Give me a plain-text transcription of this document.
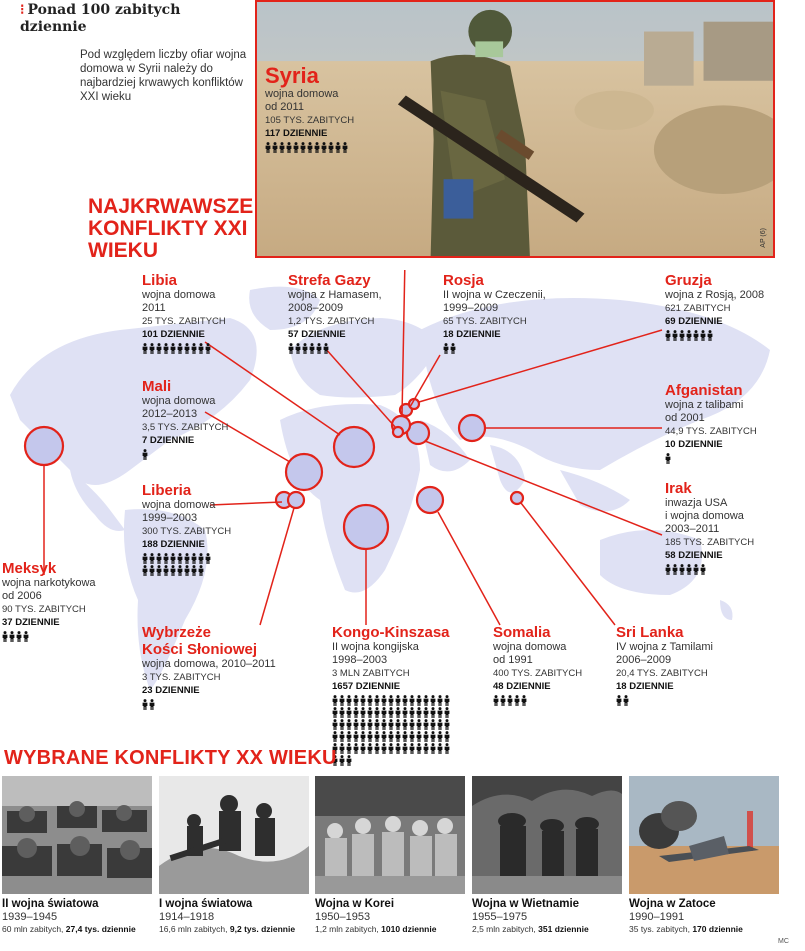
⁝ Ponad 100 zabitych dziennie
Pod względem liczby ofiar wojna domowa w Syrii należy do najbardziej krwawych konfliktów XXI wieku
Syria
wojna domowa
od 2011
105 TYS. ZABITYCH
117 DZIENNIE
AP (6)
NAJKRWAWSZE KONFLIKTY XXI WIEKU
Libia
wojna domowa
2011
25 TYS. ZABITYCH
101 DZIENNIE
Strefa Gazy
wojna z Hamasem,
2008–2009
1,2 TYS. ZABITYCH
57 DZIENNIE
Rosja
II wojna w Czeczenii,
1999–2009
65 TYS. ZABITYCH
18 DZIENNIE
Gruzja
wojna z Rosją, 2008
621 ZABITYCH
69 DZIENNIE
Mali
wojna domowa
2012–2013
3,5 TYS. ZABITYCH
7 DZIENNIE
Afganistan
wojna z talibami
od 2001
44,9 TYS. ZABITYCH
10 DZIENNIE
Liberia
wojna domowa
1999–2003
300 TYS. ZABITYCH
188 DZIENNIE
Irak
inwazja USA
i wojna domowa
2003–2011
185 TYS. ZABITYCH
58 DZIENNIE
Meksyk
wojna narkotykowa
od 2006
90 TYS. ZABITYCH
37 DZIENNIE
Wybrzeże
Kości Słoniowej
wojna domowa, 2010–2011
3 TYS. ZABITYCH
23 DZIENNIE
Kongo-Kinszasa
II wojna kongijska
1998–2003
3 MLN ZABITYCH
1657 DZIENNIE
Somalia
wojna domowa
od 1991
400 TYS. ZABITYCH
48 DZIENNIE
Sri Lanka
IV wojna z Tamilami
2006–2009
20,4 TYS. ZABITYCH
18 DZIENNIE
WYBRANE KONFLIKTY XX WIEKU
II wojna światowa
1939–1945
60 mln zabitych, 27,4 tys. dziennie
I wojna światowa
1914–1918
16,6 mln zabitych, 9,2 tys. dziennie
Wojna w Korei
1950–1953
1,2 mln zabitych, 1010 dziennie
Wojna w Wietnamie
1955–1975
2,5 mln zabitych, 351 dziennie
Wojna w Zatoce
1990–1991
35 tys. zabitych, 170 dziennie
MC
